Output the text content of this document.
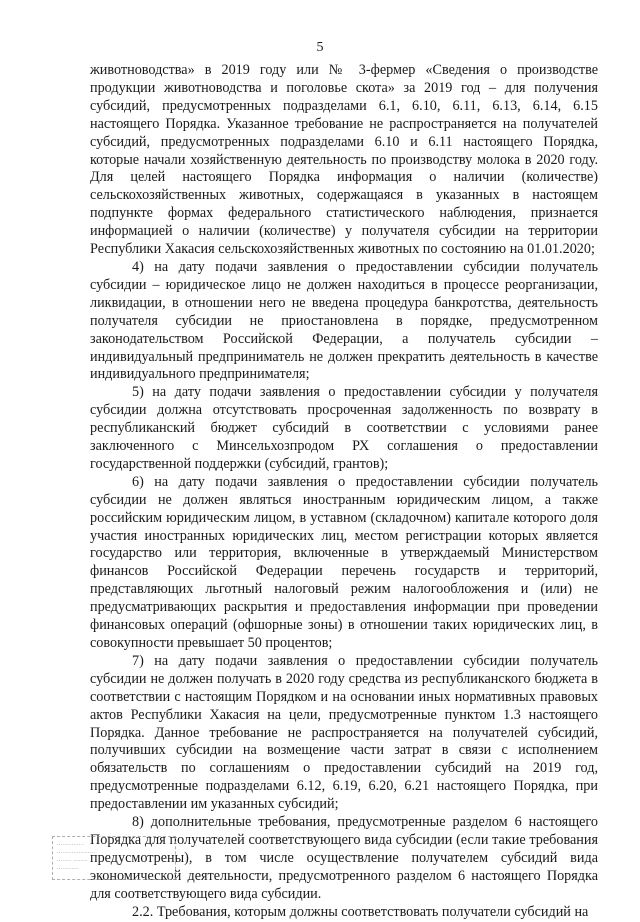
5

животноводства» в 2019 году или № 3-фермер «Сведения о производстве продукции животноводства и поголовье скота» за 2019 год – для получения субсидий, предусмотренных подразделами 6.1, 6.10, 6.11, 6.13, 6.14, 6.15 настоящего Порядка. Указанное требование не распространяется на получателей субсидий, предусмотренных подразделами 6.10 и 6.11 настоящего Порядка, которые начали хозяйственную деятельность по производству молока в 2020 году. Для целей настоящего Порядка информация о наличии (количестве) сельскохозяйственных животных, содержащаяся в указанных в настоящем подпункте формах федерального статистического наблюдения, признается информацией о наличии (количестве) у получателя субсидии на территории Республики Хакасия сельскохозяйственных животных по состоянию на 01.01.2020;

4) на дату подачи заявления о предоставлении субсидии получатель субсидии – юридическое лицо не должен находиться в процессе реорганизации, ликвидации, в отношении него не введена процедура банкротства, деятельность получателя субсидии не приостановлена в порядке, предусмотренном законодательством Российской Федерации, а получатель субсидии – индивидуальный предприниматель не должен прекратить деятельность в качестве индивидуального предпринимателя;

5) на дату подачи заявления о предоставлении субсидии у получателя субсидии должна отсутствовать просроченная задолженность по возврату в республиканский бюджет субсидий в соответствии с условиями ранее заключенного с Минсельхозпродом РХ соглашения о предоставлении государственной поддержки (субсидий, грантов);

6) на дату подачи заявления о предоставлении субсидии получатель субсидии не должен являться иностранным юридическим лицом, а также российским юридическим лицом, в уставном (складочном) капитале которого доля участия иностранных юридических лиц, местом регистрации которых является государство или территория, включенные в утверждаемый Министерством финансов Российской Федерации перечень государств и территорий, представляющих льготный налоговый режим налогообложения и (или) не предусматривающих раскрытия и предоставления информации при проведении финансовых операций (офшорные зоны) в отношении таких юридических лиц, в совокупности превышает 50 процентов;

7) на дату подачи заявления о предоставлении субсидии получатель субсидии не должен получать в 2020 году средства из республиканского бюджета в соответствии с настоящим Порядком и на основании иных нормативных правовых актов Республики Хакасия на цели, предусмотренные пунктом 1.3 настоящего Порядка. Данное требование не распространяется на получателей субсидий, получивших субсидии на возмещение части затрат в связи с исполнением обязательств по соглашениям о предоставлении субсидий на 2019 год, предусмотренные подразделами 6.12, 6.19, 6.20, 6.21 настоящего Порядка, при предоставлении им указанных субсидий;

8) дополнительные требования, предусмотренные разделом 6 настоящего Порядка для получателей соответствующего вида субсидии (если такие требования предусмотрены), в том числе осуществление получателем субсидий вида экономической деятельности, предусмотренного разделом 6 настоящего Порядка для соответствующего вида субсидии.

2.2. Требования, которым должны соответствовать получатели субсидий на

...............
.....................
........ ........
............
